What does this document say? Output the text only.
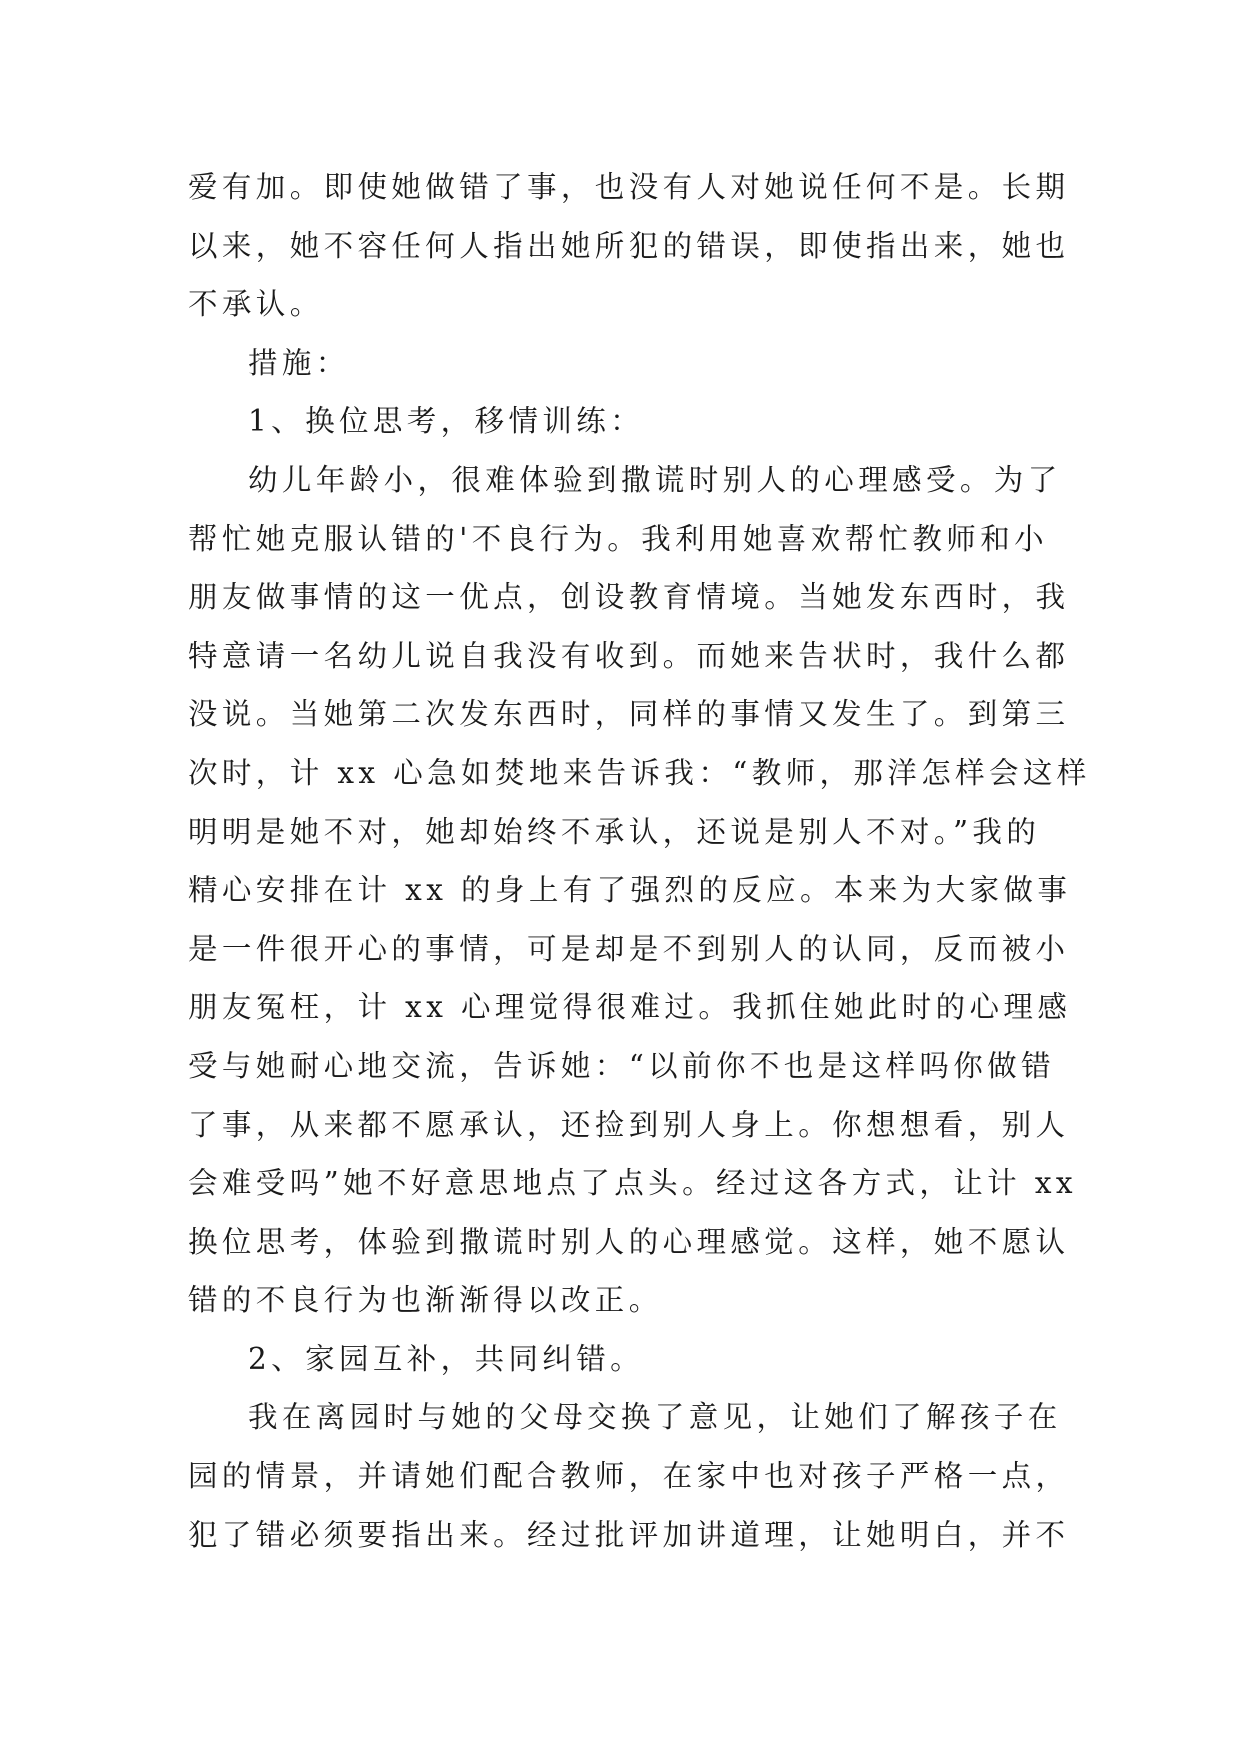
爱有加。即使她做错了事，也没有人对她说任何不是。长期
以来，她不容任何人指出她所犯的错误，即使指出来，她也
不承认。
措施：
1、换位思考，移情训练：
幼儿年龄小，很难体验到撒谎时别人的心理感受。为了
帮忙她克服认错的'不良行为。我利用她喜欢帮忙教师和小
朋友做事情的这一优点，创设教育情境。当她发东西时，我
特意请一名幼儿说自我没有收到。而她来告状时，我什么都
没说。当她第二次发东西时，同样的事情又发生了。到第三
次时，计 xx 心急如焚地来告诉我：“教师，那洋怎样会这样
明明是她不对，她却始终不承认，还说是别人不对。”我的
精心安排在计 xx 的身上有了强烈的反应。本来为大家做事
是一件很开心的事情，可是却是不到别人的认同，反而被小
朋友冤枉，计 xx 心理觉得很难过。我抓住她此时的心理感
受与她耐心地交流，告诉她：“以前你不也是这样吗你做错
了事，从来都不愿承认，还捡到别人身上。你想想看，别人
会难受吗”她不好意思地点了点头。经过这各方式，让计 xx
换位思考，体验到撒谎时别人的心理感觉。这样，她不愿认
错的不良行为也渐渐得以改正。
2、家园互补，共同纠错。
我在离园时与她的父母交换了意见，让她们了解孩子在
园的情景，并请她们配合教师，在家中也对孩子严格一点，
犯了错必须要指出来。经过批评加讲道理，让她明白，并不
